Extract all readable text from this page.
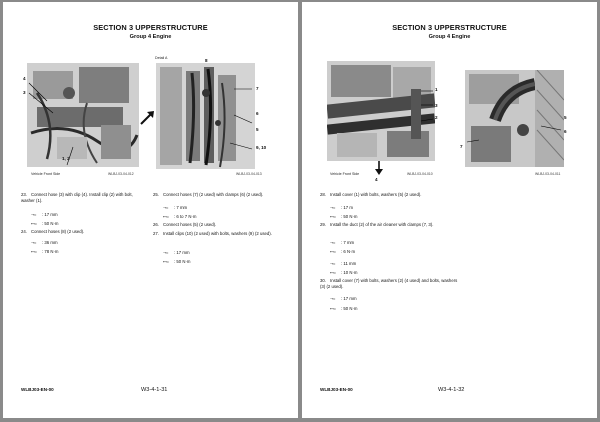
SECTION 3 UPPERSTRUCTURE
Group 4 Engine
4
3
1, 2
Vehicle Front Side	WLBJ-03-04-012
Detail A	8
7
6
5
9, 10
WLBJ-03-04-013
23. Connect hose (3) with clip (4). Install clip (2) with bolt, washer (1).
⊸= : 17 mm
⊷= : 50 N·m
24. Connect hoses (8) (2 used).
⊸= : 36 mm
⊷= : 78 N·m
25. Connect hoses (7) (2 used) with clamps (6) (2 used).
⊸= : 7 mm
⊷= : 6 to 7 N·m
26. Connect hoses (5) (2 used).
27. Install clips (10) (2 used) with bolts, washers (9) (2 used).
⊸= : 17 mm
⊷= : 50 N·m
WLBJ03-EN-00	W3-4-1-31
SECTION 3 UPPERSTRUCTURE
Group 4 Engine
1
3
2
4
Vehicle Front Side	WLBJ-03-04-010
5
6
7
WLBJ-03-04-011
28. Install cover (1) with bolts, washers (5) (2 used).
⊸= : 17 m
⊷= : 50 N·m
29. Install the duct (2) of the air cleaner with clamps (7, 3).
⊸= : 7 mm
⊷= : 6 N·m
⊸= : 11 mm
⊷= : 10 N·m
30. Install cover (7) with bolts, washers (2) (4 used) and bolts, washers (3) (2 used).
⊸= : 17 mm
⊷= : 50 N·m
WLBJ03-EN-00	W3-4-1-32
